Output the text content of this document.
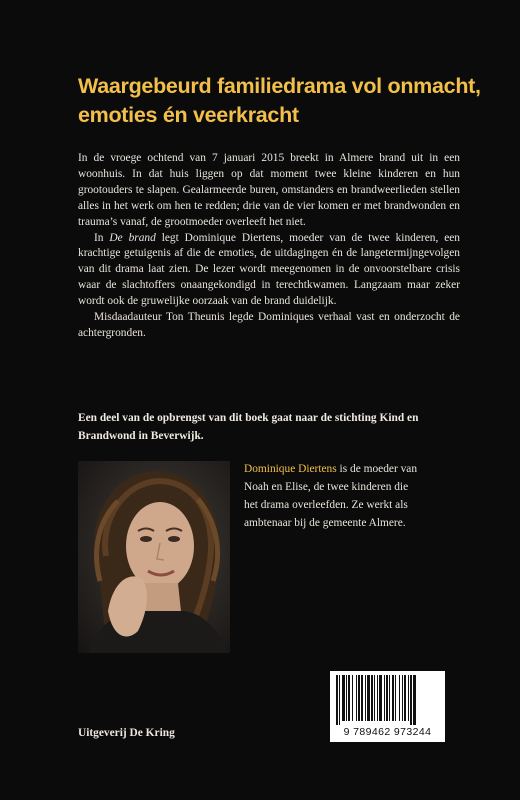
Waargebeurd familiedrama vol onmacht,
emoties én veerkracht

In de vroege ochtend van 7 januari 2015 breekt in Almere brand uit in een woonhuis. In dat huis liggen op dat moment twee kleine kinderen en hun grootouders te slapen. Gealarmeerde buren, omstanders en brandweerlieden stellen alles in het werk om hen te redden; drie van de vier komen er met brandwonden en trauma’s vanaf, de grootmoeder overleeft het niet.

In De brand legt Dominique Diertens, moeder van de twee kinderen, een krachtige getuigenis af die de emoties, de uitdagingen én de langetermijngevolgen van dit drama laat zien. De lezer wordt meegenomen in de onvoorstelbare crisis waar de slachtoffers onaangekondigd in terechtkwamen. Langzaam maar zeker wordt ook de gruwelijke oorzaak van de brand duidelijk.

Misdaadauteur Ton Theunis legde Dominiques verhaal vast en onderzocht de achtergronden.

Een deel van de opbrengst van dit boek gaat naar de stichting Kind en
Brandwond in Beverwijk.
Dominique Diertens is de moeder van
Noah en Elise, de twee kinderen die
het drama overleefden. Ze werkt als
ambtenaar bij de gemeente Almere.
9 789462 973244
Uitgeverij De Kring
